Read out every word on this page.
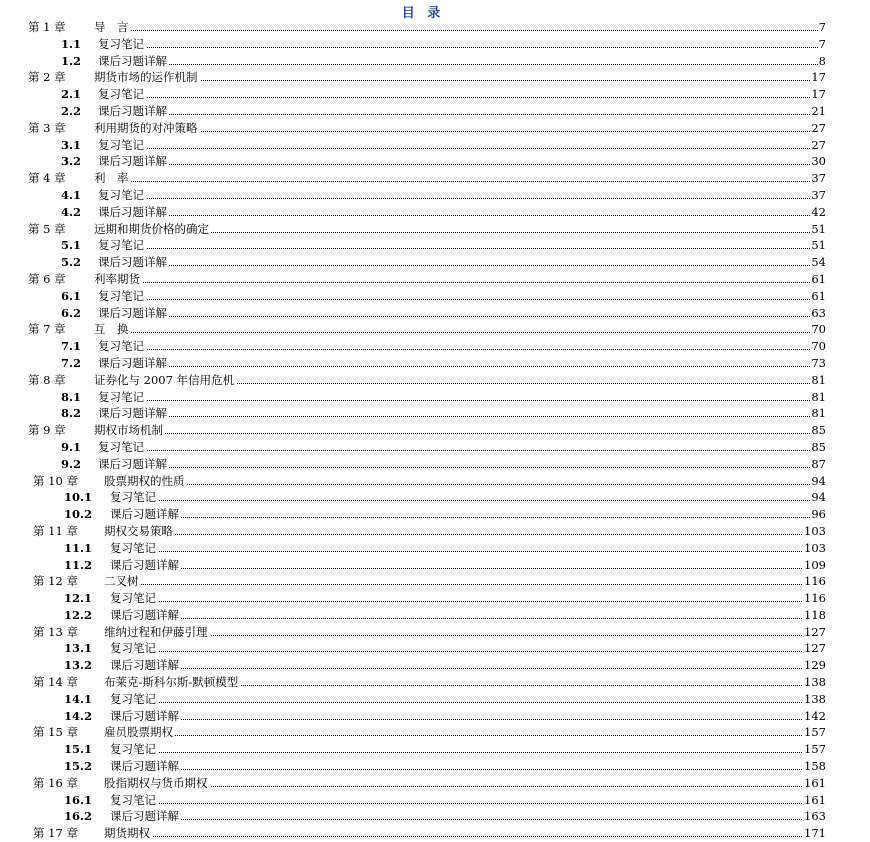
目 录
第 1 章 导　言	7
1.1 复习笔记	7
1.2 课后习题详解	8
第 2 章 期货市场的运作机制	17
2.1 复习笔记	17
2.2 课后习题详解	21
第 3 章 利用期货的对冲策略	27
3.1 复习笔记	27
3.2 课后习题详解	30
第 4 章 利　率	37
4.1 复习笔记	37
4.2 课后习题详解	42
第 5 章 远期和期货价格的确定	51
5.1 复习笔记	51
5.2 课后习题详解	54
第 6 章 利率期货	61
6.1 复习笔记	61
6.2 课后习题详解	63
第 7 章 互　换	70
7.1 复习笔记	70
7.2 课后习题详解	73
第 8 章 证券化与 2007 年信用危机	81
8.1 复习笔记	81
8.2 课后习题详解	81
第 9 章 期权市场机制	85
9.1 复习笔记	85
9.2 课后习题详解	87
第 10 章 股票期权的性质	94
10.1 复习笔记	94
10.2 课后习题详解	96
第 11 章 期权交易策略	103
11.1 复习笔记	103
11.2 课后习题详解	109
第 12 章 二叉树	116
12.1 复习笔记	116
12.2 课后习题详解	118
第 13 章 维纳过程和伊藤引理	127
13.1 复习笔记	127
13.2 课后习题详解	129
第 14 章 布莱克-斯科尔斯-默顿模型	138
14.1 复习笔记	138
14.2 课后习题详解	142
第 15 章 雇员股票期权	157
15.1 复习笔记	157
15.2 课后习题详解	158
第 16 章 股指期权与货币期权	161
16.1 复习笔记	161
16.2 课后习题详解	163
第 17 章 期货期权	171
